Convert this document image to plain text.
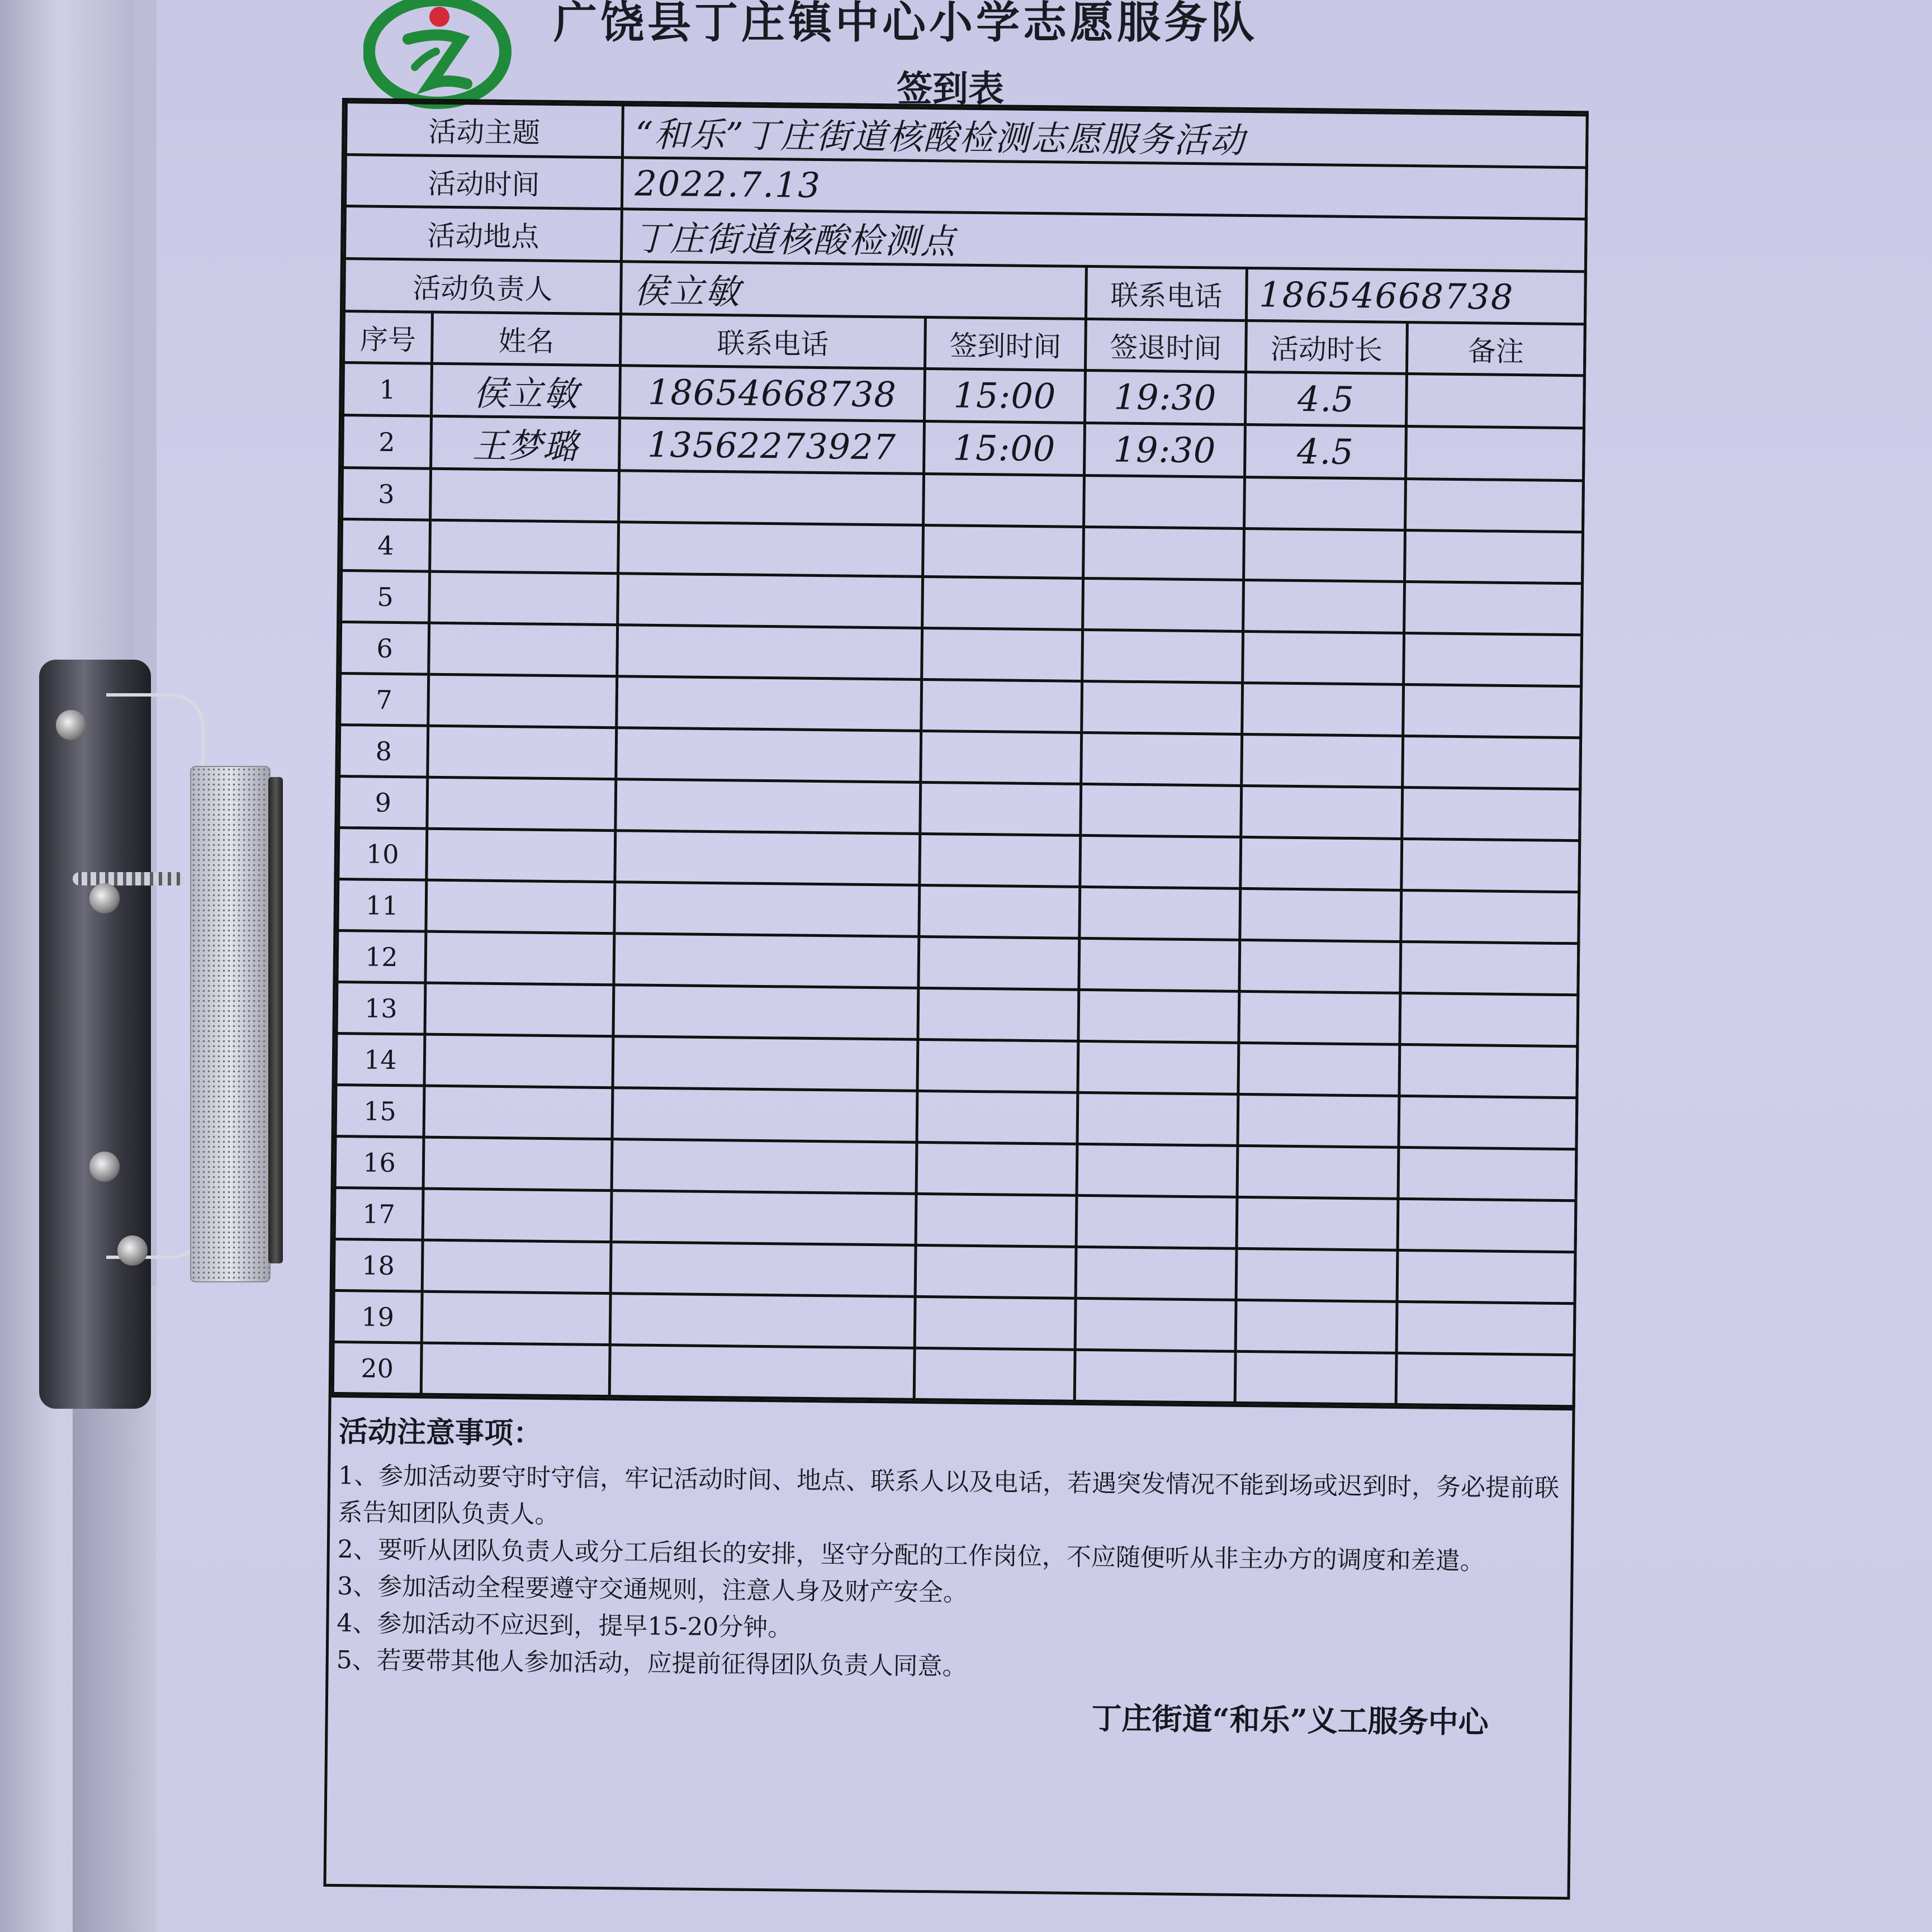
广饶县丁庄镇中心小学志愿服务队
签到表
活动主题		“和乐”丁庄街道核酸检测志愿服务活动				
活动时间		2022.7.13				
活动地点		丁庄街道核酸检测点				
活动负责人		侯立敏		联系电话	18654668738	
序号	姓名	联系电话	签到时间	签退时间	活动时长	备注
1	侯立敏	18654668738	15:00	19:30	4.5	
2	王梦璐	13562273927	15:00	19:30	4.5	
3						
4						
5						
6						
7						
8						
9						
10						
11						
12						
13						
14						
15						
16						
17						
18						
19						
20						
活动注意事项：
1、参加活动要守时守信，牢记活动时间、地点、联系人以及电话，若遇突发情况不能到场或迟到时，务必提前联系告知团队负责人。
2、要听从团队负责人或分工后组长的安排，坚守分配的工作岗位，不应随便听从非主办方的调度和差遣。
3、参加活动全程要遵守交通规则，注意人身及财产安全。
4、参加活动不应迟到，提早15-20分钟。
5、若要带其他人参加活动，应提前征得团队负责人同意。
丁庄街道“和乐”义工服务中心
